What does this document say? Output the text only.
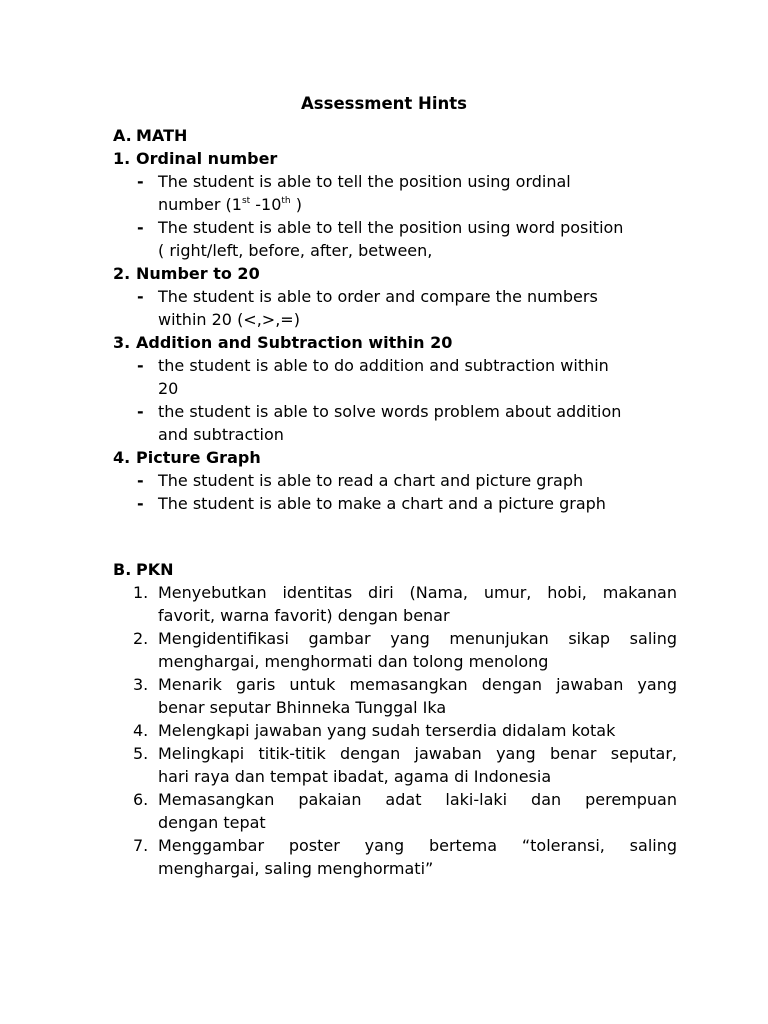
Assessment Hints
A. MATH
1. Ordinal number
- The student is able to tell the position using ordinal
number (1st -10th )
- The student is able to tell the position using word position
( right/left, before, after, between,
2. Number to 20
- The student is able to order and compare the numbers
within 20 (<,>,=)
3. Addition and Subtraction within 20
- the student is able to do addition and subtraction within
20
- the student is able to solve words problem about addition
and subtraction
4. Picture Graph
- The student is able to read a chart and picture graph
- The student is able to make a chart and a picture graph
B. PKN
1. Menyebutkan identitas diri (Nama, umur, hobi, makanan
favorit, warna favorit) dengan benar
2. Mengidentifikasi gambar yang menunjukan sikap saling
menghargai, menghormati dan tolong menolong
3. Menarik garis untuk memasangkan dengan jawaban yang
benar seputar Bhinneka Tunggal Ika
4. Melengkapi jawaban yang sudah terserdia didalam kotak
5. Melingkapi titik-titik dengan jawaban yang benar seputar,
hari raya dan tempat ibadat, agama di Indonesia
6. Memasangkan pakaian adat laki-laki dan perempuan
dengan tepat
7. Menggambar poster yang bertema “toleransi, saling
menghargai, saling menghormati”
